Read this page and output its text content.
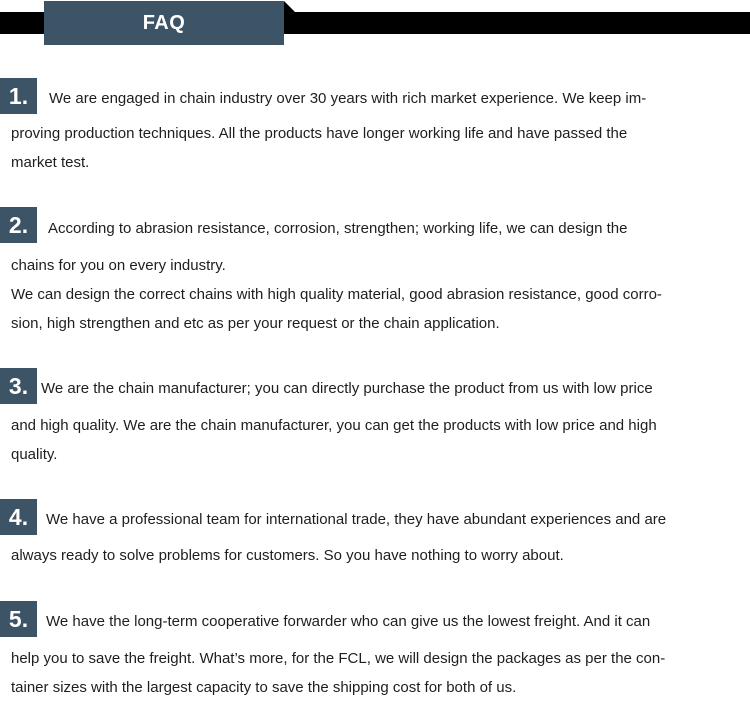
FAQ
1.	We are engaged in chain industry over 30 years with rich market experience. We keep im-
proving production techniques. All the products have longer working life and have passed the
market test.
2.	According to abrasion resistance, corrosion, strengthen; working life, we can design the
chains for you on every industry.
We can design the correct chains with high quality material, good abrasion resistance, good corro-
sion, high strengthen and etc as per your request or the chain application.
3. We are the chain manufacturer; you can directly purchase the product from us with low price
and high quality. We are the chain manufacturer, you can get the products with low price and high
quality.
4.	We have a professional team for international trade, they have abundant experiences and are
always ready to solve problems for customers. So you have nothing to worry about.
5.	We have the long-term cooperative forwarder who can give us the lowest freight. And it can
help you to save the freight. What’s more, for the FCL, we will design the packages as per the con-
tainer sizes with the largest capacity to save the shipping cost for both of us.
